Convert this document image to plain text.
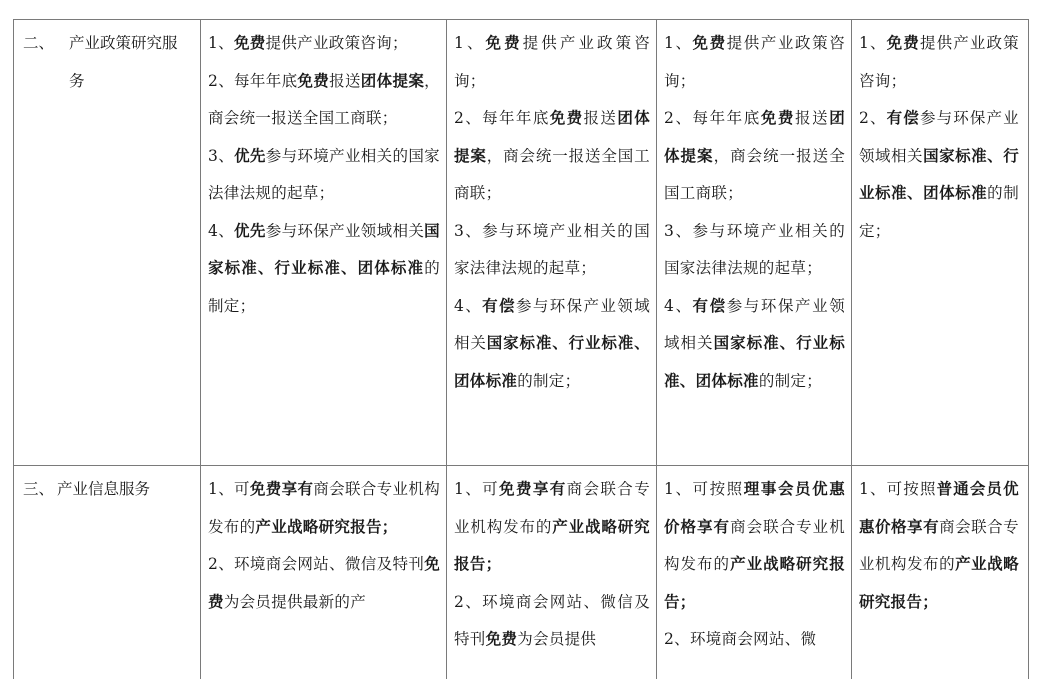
二、 产业政策研究服务
三、 产业信息服务
1、免费提供产业政策咨询；
2、每年年底免费报送团体提案，商会统一报送全国工商联；
3、优先参与环境产业相关的国家法律法规的起草；
4、优先参与环保产业领域相关国家标准、行业标准、团体标准的制定；
1、免费提供产业政策咨询；
2、每年年底免费报送团体提案，商会统一报送全国工商联；
3、参与环境产业相关的国家法律法规的起草；
4、有偿参与环保产业领域相关国家标准、行业标准、团体标准的制定；
1、免费提供产业政策咨询；
2、每年年底免费报送团体提案，商会统一报送全国工商联；
3、参与环境产业相关的国家法律法规的起草；
4、有偿参与环保产业领域相关国家标准、行业标准、团体标准的制定；
1、免费提供产业政策咨询；
2、有偿参与环保产业领域相关国家标准、行业标准、团体标准的制定；
1、可免费享有商会联合专业机构发布的产业战略研究报告；
2、环境商会网站、微信及特刊免费为会员提供最新的产
1、可免费享有商会联合专业机构发布的产业战略研究报告；
2、环境商会网站、微信及特刊免费为会员提供
1、可按照理事会员优惠价格享有商会联合专业机构发布的产业战略研究报告；
2、环境商会网站、微
1、可按照普通会员优惠价格享有商会联合专业机构发布的产业战略研究报告；
